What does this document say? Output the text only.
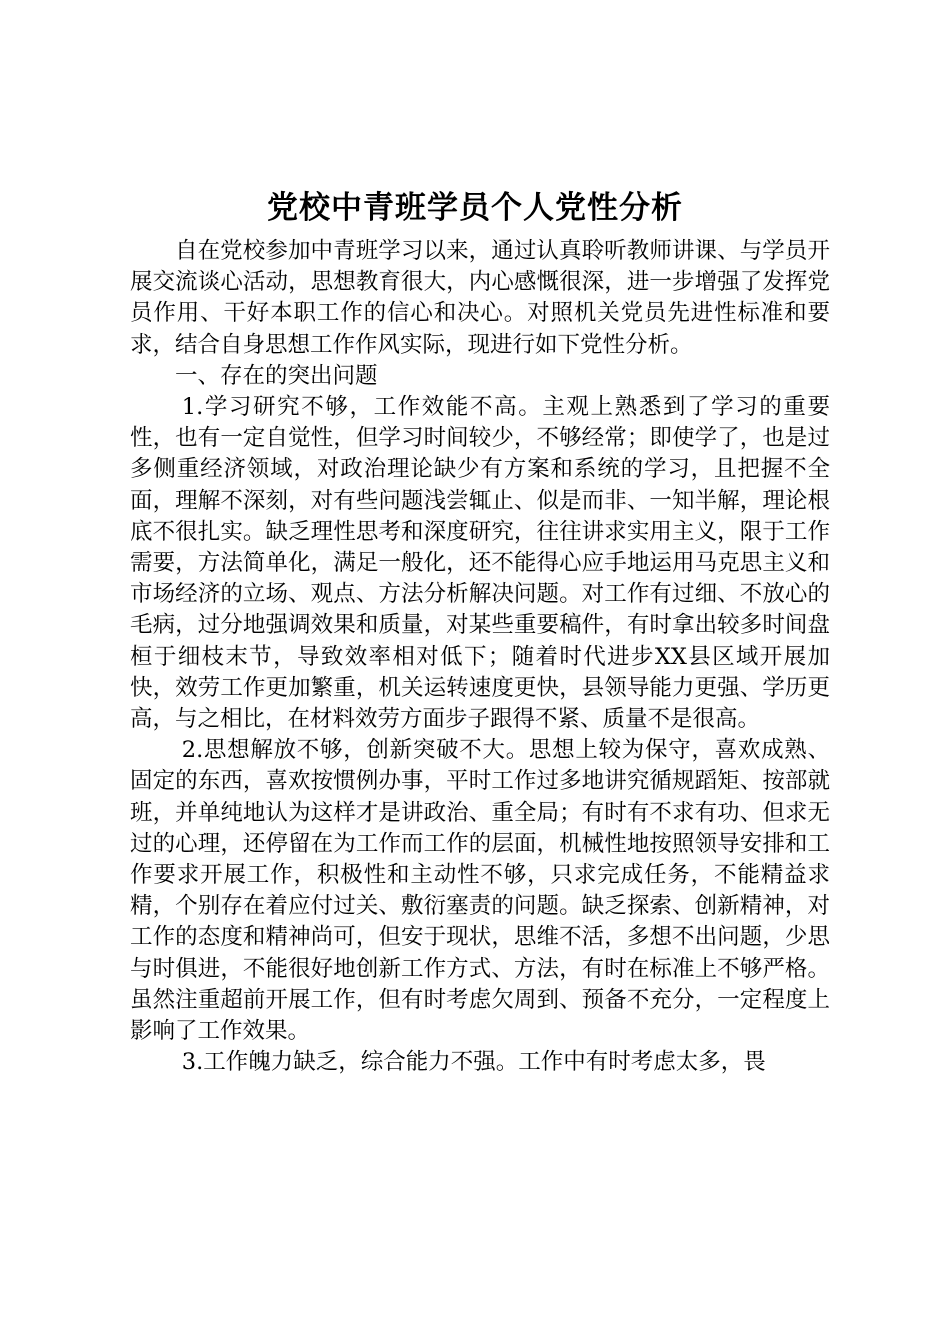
党校中青班学员个人党性分析

自在党校参加中青班学习以来，通过认真聆听教师讲课、与学员开展交流谈心活动，思想教育很大，内心感慨很深，进一步增强了发挥党员作用、干好本职工作的信心和决心。对照机关党员先进性标准和要求，结合自身思想工作作风实际，现进行如下党性分析。

一、存在的突出问题

1.学习研究不够，工作效能不高。主观上熟悉到了学习的重要性，也有一定自觉性，但学习时间较少，不够经常；即使学了，也是过多侧重经济领域，对政治理论缺少有方案和系统的学习，且把握不全面，理解不深刻，对有些问题浅尝辄止、似是而非、一知半解，理论根底不很扎实。缺乏理性思考和深度研究，往往讲求实用主义，限于工作需要，方法简单化，满足一般化，还不能得心应手地运用马克思主义和市场经济的立场、观点、方法分析解决问题。对工作有过细、不放心的毛病，过分地强调效果和质量，对某些重要稿件，有时拿出较多时间盘桓于细枝末节，导致效率相对低下；随着时代进步XX县区域开展加快，效劳工作更加繁重，机关运转速度更快，县领导能力更强、学历更高，与之相比，在材料效劳方面步子跟得不紧、质量不是很高。

2.思想解放不够，创新突破不大。思想上较为保守，喜欢成熟、固定的东西，喜欢按惯例办事，平时工作过多地讲究循规蹈矩、按部就班，并单纯地认为这样才是讲政治、重全局；有时有不求有功、但求无过的心理，还停留在为工作而工作的层面，机械性地按照领导安排和工作要求开展工作，积极性和主动性不够，只求完成任务，不能精益求精，个别存在着应付过关、敷衍塞责的问题。缺乏探索、创新精神，对工作的态度和精神尚可，但安于现状，思维不活，多想不出问题，少思与时俱进，不能很好地创新工作方式、方法，有时在标准上不够严格。虽然注重超前开展工作，但有时考虑欠周到、预备不充分，一定程度上影响了工作效果。

3.工作魄力缺乏，综合能力不强。工作中有时考虑太多，畏
